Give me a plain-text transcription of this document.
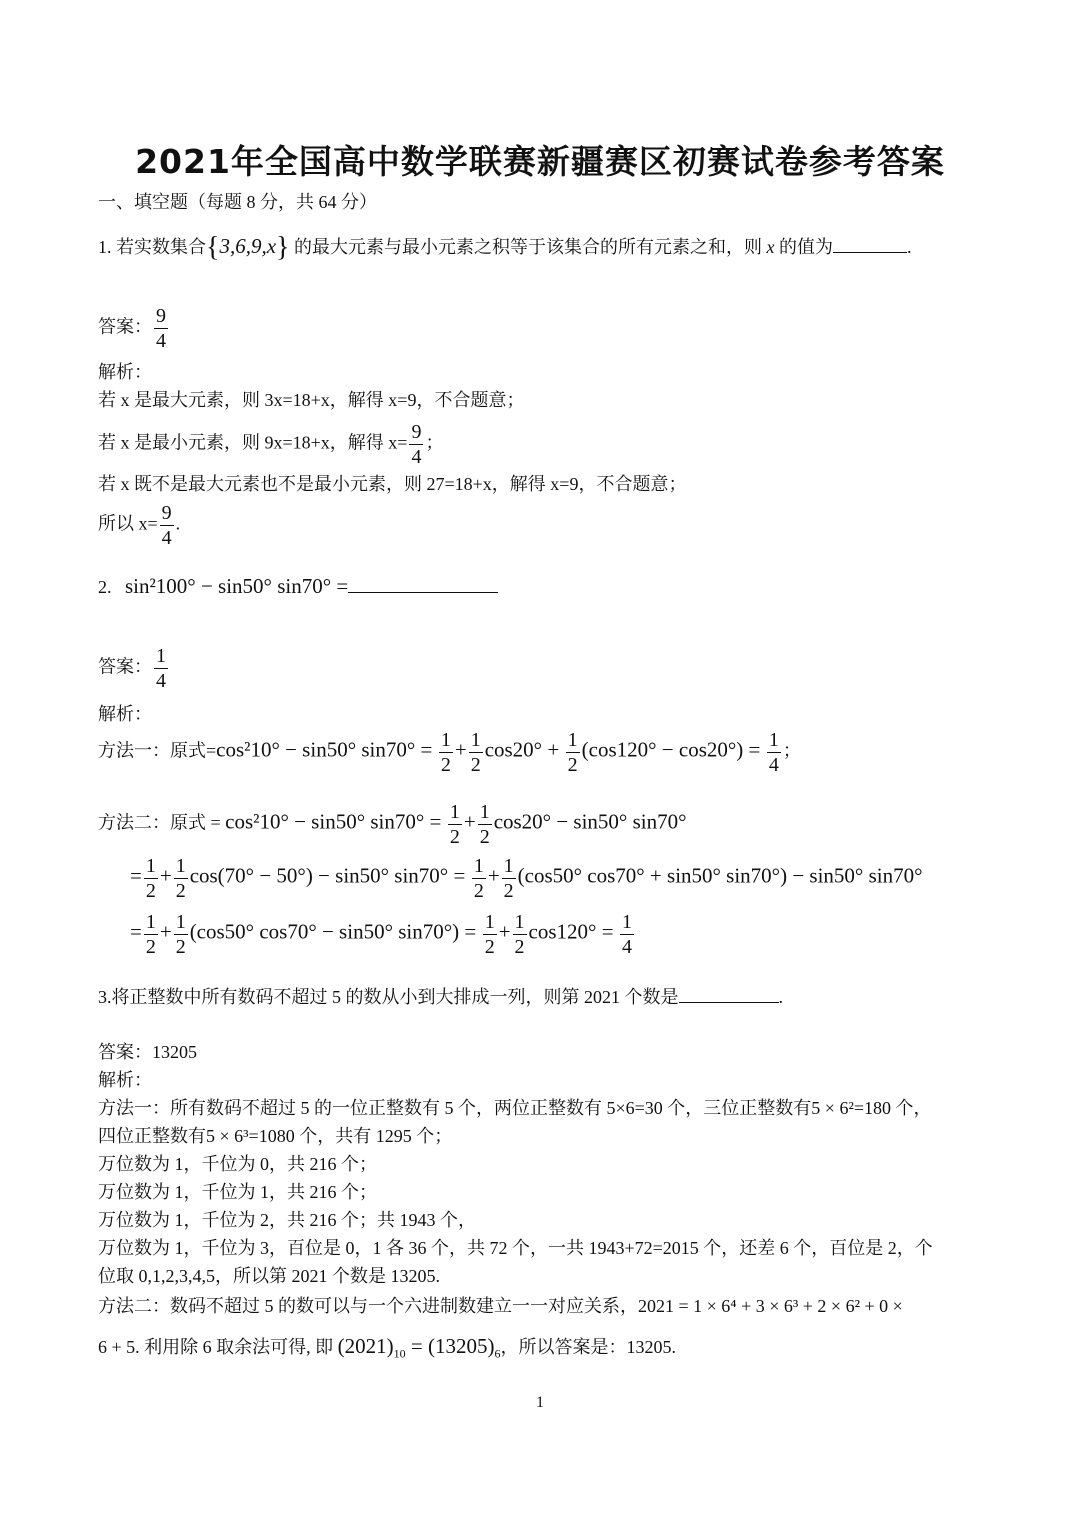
2021年全国高中数学联赛新疆赛区初赛试卷参考答案
一、填空题（每题 8 分，共 64 分）
1. 若实数集合{3,6,9,x} 的最大元素与最小元素之积等于该集合的所有元素之和，则 x 的值为	.
答案： $\frac{9}{4}$
解析：
若 x 是最大元素，则 3x=18+x，解得 x=9，不合题意；
若 x 是最小元素，则 9x=18+x，解得 $x= \frac{9}{4}$ ；
若 x 既不是最大元素也不是最小元素，则 27=18+x，解得 x=9，不合题意；
所以 $x= \frac{9}{4}$ .
2. sin²100° − sin50° sin70° =
答案： $\frac{1}{4}$
解析：
方法一：原式=cos²10° − sin50° $\sin 70^\circ = \frac{1}{2} + \frac{1}{2} \cos 20^\circ + \frac{1}{2} (\cos 120^\circ - \cos 20^\circ) = \frac{1}{4}$ ；
方法二：原式 = cos²10° − sin50° $\sin 70^\circ = \frac{1}{2} + \frac{1}{2} \cos 20^\circ - \sin 50^\circ$ sin70°
= $\frac{1}{2} + \frac{1}{2} \cos(70^\circ - 50^\circ) - \sin 50^\circ$ $\sin 70^\circ = \frac{1}{2} + \frac{1}{2} (\cos 50^\circ$ cos70° + sin50° sin70°) − sin50° sin70°
= $\frac{1}{2} + \frac{1}{2} (\cos 50^\circ$ cos70° − sin50° $\sin 70^\circ) = \frac{1}{2} + \frac{1}{2} \cos 120^\circ = \frac{1}{4}$
3.将正整数中所有数码不超过 5 的数从小到大排成一列，则第 2021 个数是	.
答案：13205
解析：
方法一：所有数码不超过 5 的一位正整数有 5 个，两位正整数有 5×6=30 个，三位正整数有5 × 6²=180 个，
四位正整数有5 × 6³=1080 个，共有 1295 个；
万位数为 1，千位为 0，共 216 个；
万位数为 1，千位为 1，共 216 个；
万位数为 1，千位为 2，共 216 个；共 1943 个，
万位数为 1，千位为 3，百位是 0，1 各 36 个，共 72 个，一共 1943+72=2015 个，还差 6 个，百位是 2，个
位取 0,1,2,3,4,5，所以第 2021 个数是 13205.
方法二：数码不超过 5 的数可以与一个六进制数建立一一对应关系，2021 = 1 × 6⁴ + 3 × 6³ + 2 × 6² + 0 ×
6 + 5. 利用除 6 取余法可得, 即 $(2021)_{10} = (13205)_6$，所以答案是：13205.
1
